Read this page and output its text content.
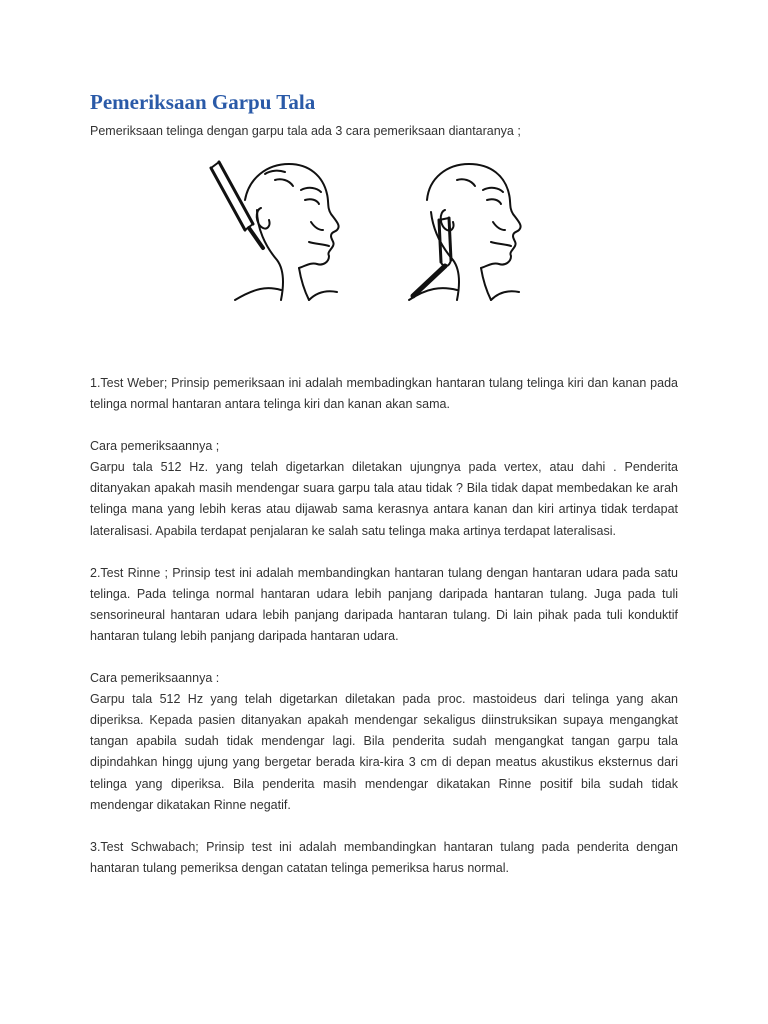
Pemeriksaan Garpu Tala

Pemeriksaan telinga dengan garpu tala ada 3 cara pemeriksaan diantaranya ;

1.Test Weber; Prinsip pemeriksaan ini adalah membadingkan hantaran tulang telinga kiri dan kanan pada telinga normal hantaran antara telinga kiri dan kanan akan sama.

Cara pemeriksaannya ;

Garpu tala 512 Hz. yang telah digetarkan diletakan ujungnya pada vertex, atau dahi . Penderita ditanyakan apakah masih mendengar suara garpu tala atau tidak ? Bila tidak dapat membedakan ke arah telinga mana yang lebih keras atau dijawab sama kerasnya antara kanan dan kiri artinya tidak terdapat lateralisasi. Apabila terdapat penjalaran ke salah satu telinga maka artinya terdapat lateralisasi.

2.Test Rinne ; Prinsip test ini adalah membandingkan hantaran tulang dengan hantaran udara pada satu telinga. Pada telinga normal hantaran udara lebih panjang daripada hantaran tulang. Juga pada tuli sensorineural hantaran udara lebih panjang daripada hantaran tulang. Di lain pihak pada tuli konduktif hantaran tulang lebih panjang daripada hantaran udara.

Cara pemeriksaannya :

Garpu tala 512 Hz yang telah digetarkan diletakan pada proc. mastoideus dari telinga yang akan diperiksa. Kepada pasien ditanyakan apakah mendengar sekaligus diinstruksikan supaya mengangkat tangan apabila sudah tidak mendengar lagi. Bila penderita sudah mengangkat tangan garpu tala dipindahkan hingg ujung yang bergetar berada kira-kira 3 cm di depan meatus akustikus eksternus dari telinga yang diperiksa. Bila penderita masih mendengar dikatakan Rinne positif bila sudah tidak mendengar dikatakan Rinne negatif.

3.Test Schwabach; Prinsip test ini adalah membandingkan hantaran tulang pada penderita dengan hantaran tulang pemeriksa dengan catatan telinga pemeriksa harus normal.
